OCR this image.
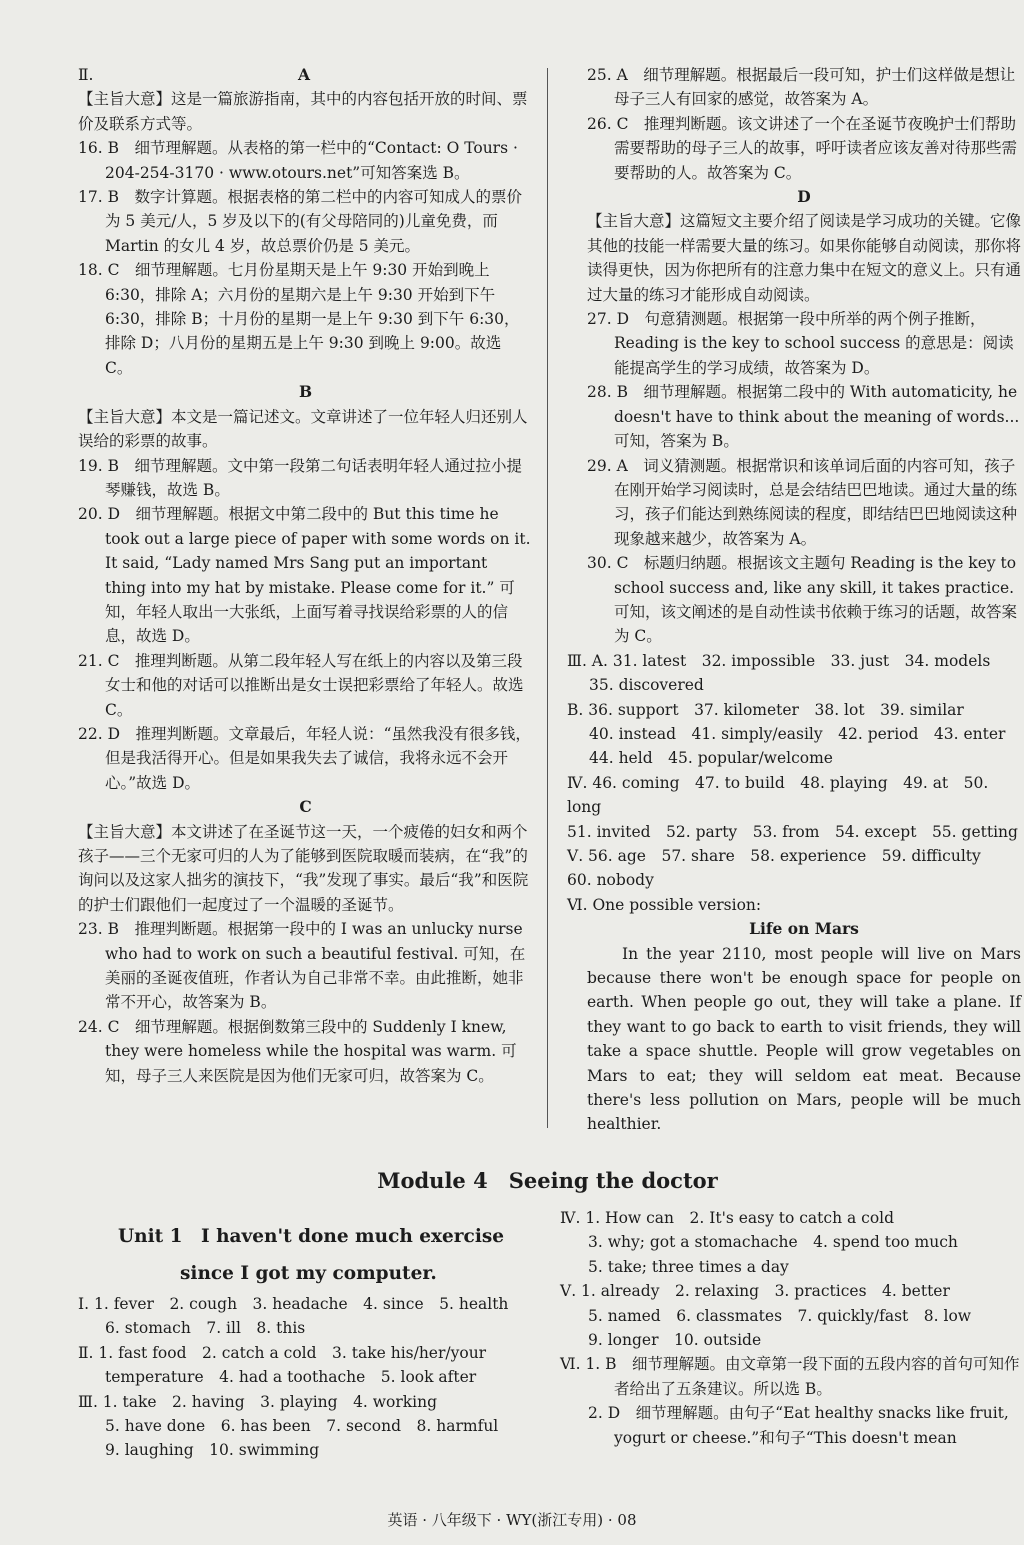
Ⅱ.	A

【主旨大意】这是一篇旅游指南，其中的内容包括开放的时间、票价及联系方式等。

16. B　细节理解题。从表格的第一栏中的“Contact: O Tours · 204-254-3170 · www.otours.net”可知答案选 B。

17. B　数字计算题。根据表格的第二栏中的内容可知成人的票价为 5 美元/人，5 岁及以下的(有父母陪同的)儿童免费，而 Martin 的女儿 4 岁，故总票价仍是 5 美元。

18. C　细节理解题。七月份星期天是上午 9:30 开始到晚上 6:30，排除 A；六月份的星期六是上午 9:30 开始到下午 6:30，排除 B；十月份的星期一是上午 9:30 到下午 6:30，排除 D；八月份的星期五是上午 9:30 到晚上 9:00。故选 C。

B

【主旨大意】本文是一篇记述文。文章讲述了一位年轻人归还别人误给的彩票的故事。

19. B　细节理解题。文中第一段第二句话表明年轻人通过拉小提琴赚钱，故选 B。

20. D　细节理解题。根据文中第二段中的 But this time he took out a large piece of paper with some words on it. It said, “Lady named Mrs Sang put an important thing into my hat by mistake. Please come for it.” 可知，年轻人取出一大张纸，上面写着寻找误给彩票的人的信息，故选 D。

21. C　推理判断题。从第二段年轻人写在纸上的内容以及第三段女士和他的对话可以推断出是女士误把彩票给了年轻人。故选 C。

22. D　推理判断题。文章最后，年轻人说：“虽然我没有很多钱，但是我活得开心。但是如果我失去了诚信，我将永远不会开心。”故选 D。

C

【主旨大意】本文讲述了在圣诞节这一天，一个疲倦的妇女和两个孩子——三个无家可归的人为了能够到医院取暖而装病，在“我”的询问以及这家人拙劣的演技下，“我”发现了事实。最后“我”和医院的护士们跟他们一起度过了一个温暖的圣诞节。

23. B　推理判断题。根据第一段中的 I was an unlucky nurse who had to work on such a beautiful festival. 可知，在美丽的圣诞夜值班，作者认为自己非常不幸。由此推断，她非常不开心，故答案为 B。

24. C　细节理解题。根据倒数第三段中的 Suddenly I knew, they were homeless while the hospital was warm. 可知，母子三人来医院是因为他们无家可归，故答案为 C。

25. A　细节理解题。根据最后一段可知，护士们这样做是想让母子三人有回家的感觉，故答案为 A。

26. C　推理判断题。该文讲述了一个在圣诞节夜晚护士们帮助需要帮助的母子三人的故事，呼吁读者应该友善对待那些需要帮助的人。故答案为 C。

D

【主旨大意】这篇短文主要介绍了阅读是学习成功的关键。它像其他的技能一样需要大量的练习。如果你能够自动阅读，那你将读得更快，因为你把所有的注意力集中在短文的意义上。只有通过大量的练习才能形成自动阅读。

27. D　句意猜测题。根据第一段中所举的两个例子推断，Reading is the key to school success 的意思是：阅读能提高学生的学习成绩，故答案为 D。

28. B　细节理解题。根据第二段中的 With automaticity, he doesn't have to think about the meaning of words... 可知，答案为 B。

29. A　词义猜测题。根据常识和该单词后面的内容可知，孩子在刚开始学习阅读时，总是会结结巴巴地读。通过大量的练习，孩子们能达到熟练阅读的程度，即结结巴巴地阅读这种现象越来越少，故答案为 A。

30. C　标题归纳题。根据该文主题句 Reading is the key to school success and, like any skill, it takes practice. 可知，该文阐述的是自动性读书依赖于练习的话题，故答案为 C。

Ⅲ. A. 31. latest　32. impossible　33. just　34. models

35. discovered

B. 36. support　37. kilometer　38. lot　39. similar

40. instead　41. simply/easily　42. period　43. enter

44. held　45. popular/welcome

Ⅳ. 46. coming　47. to build　48. playing　49. at　50. long

51. invited　52. party　53. from　54. except　55. getting

Ⅴ. 56. age　57. share　58. experience　59. difficulty

60. nobody

Ⅵ. One possible version:

Life on Mars

In the year 2110, most people will live on Mars because there won't be enough space for people on earth. When people go out, they will take a plane. If they want to go back to earth to visit friends, they will take a space shuttle. People will grow vegetables on Mars to eat; they will seldom eat meat. Because there's less pollution on Mars, people will be much healthier.

Module 4　Seeing the doctor
Unit 1　I haven't done much exercise
since I got my computer.

Ⅰ. 1. fever　2. cough　3. headache　4. since　5. health

6. stomach　7. ill　8. this

Ⅱ. 1. fast food　2. catch a cold　3. take his/her/your

temperature　4. had a toothache　5. look after

Ⅲ. 1. take　2. having　3. playing　4. working

5. have done　6. has been　7. second　8. harmful

9. laughing　10. swimming

Ⅳ. 1. How can　2. It's easy to catch a cold

3. why; got a stomachache　4. spend too much

5. take; three times a day

Ⅴ. 1. already　2. relaxing　3. practices　4. better

5. named　6. classmates　7. quickly/fast　8. low

9. longer　10. outside

Ⅵ. 1. B　细节理解题。由文章第一段下面的五段内容的首句可知作者给出了五条建议。所以选 B。

2. D　细节理解题。由句子“Eat healthy snacks like fruit, yogurt or cheese.”和句子“This doesn't mean

英语 · 八年级下 · WY(浙江专用) · 08
